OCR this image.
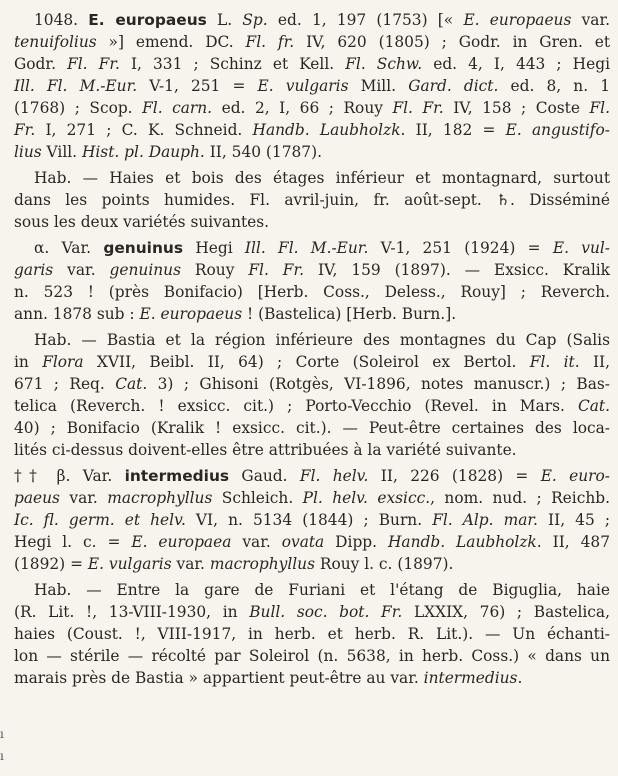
1048. E. europaeus L. Sp. ed. 1, 197 (1753) [« E. europaeus var.
tenuifolius »] emend. DC. Fl. fr. IV, 620 (1805) ; Godr. in Gren. et
Godr. Fl. Fr. I, 331 ; Schinz et Kell. Fl. Schw. ed. 4, I, 443 ; Hegi
Ill. Fl. M.-Eur. V-1, 251 = E. vulgaris Mill. Gard. dict. ed. 8, n. 1
(1768) ; Scop. Fl. carn. ed. 2, I, 66 ; Rouy Fl. Fr. IV, 158 ; Coste Fl.
Fr. I, 271 ; C. K. Schneid. Handb. Laubholzk. II, 182 = E. angustifo-
lius Vill. Hist. pl. Dauph. II, 540 (1787).
Hab. — Haies et bois des étages inférieur et montagnard, surtout
dans les points humides. Fl. avril-juin, fr. août-sept. ♄. Disséminé
sous les deux variétés suivantes.
α. Var. genuinus Hegi Ill. Fl. M.-Eur. V-1, 251 (1924) = E. vul-
garis var. genuinus Rouy Fl. Fr. IV, 159 (1897). — Exsicc. Kralik
n. 523 ! (près Bonifacio) [Herb. Coss., Deless., Rouy] ; Reverch.
ann. 1878 sub : E. europaeus ! (Bastelica) [Herb. Burn.].
Hab. — Bastia et la région inférieure des montagnes du Cap (Salis
in Flora XVII, Beibl. II, 64) ; Corte (Soleirol ex Bertol. Fl. it. II,
671 ; Req. Cat. 3) ; Ghisoni (Rotgès, VI-1896, notes manuscr.) ; Bas-
telica (Reverch. ! exsicc. cit.) ; Porto-Vecchio (Revel. in Mars. Cat.
40) ; Bonifacio (Kralik ! exsicc. cit.). — Peut-être certaines des loca-
lités ci-dessus doivent-elles être attribuées à la variété suivante.
†† β. Var. intermedius Gaud. Fl. helv. II, 226 (1828) = E. euro-
paeus var. macrophyllus Schleich. Pl. helv. exsicc., nom. nud. ; Reichb.
Ic. fl. germ. et helv. VI, n. 5134 (1844) ; Burn. Fl. Alp. mar. II, 45 ;
Hegi l. c. = E. europaea var. ovata Dipp. Handb. Laubholzk. II, 487
(1892) = E. vulgaris var. macrophyllus Rouy l. c. (1897).
Hab. — Entre la gare de Furiani et l'étang de Biguglia, haie
(R. Lit. !, 13-VIII-1930, in Bull. soc. bot. Fr. LXXIX, 76) ; Bastelica,
haies (Coust. !, VIII-1917, in herb. et herb. R. Lit.). — Un échanti-
lon — stérile — récolté par Soleirol (n. 5638, in herb. Coss.) « dans un
marais près de Bastia » appartient peut-être au var. intermedius.
ı
ı
